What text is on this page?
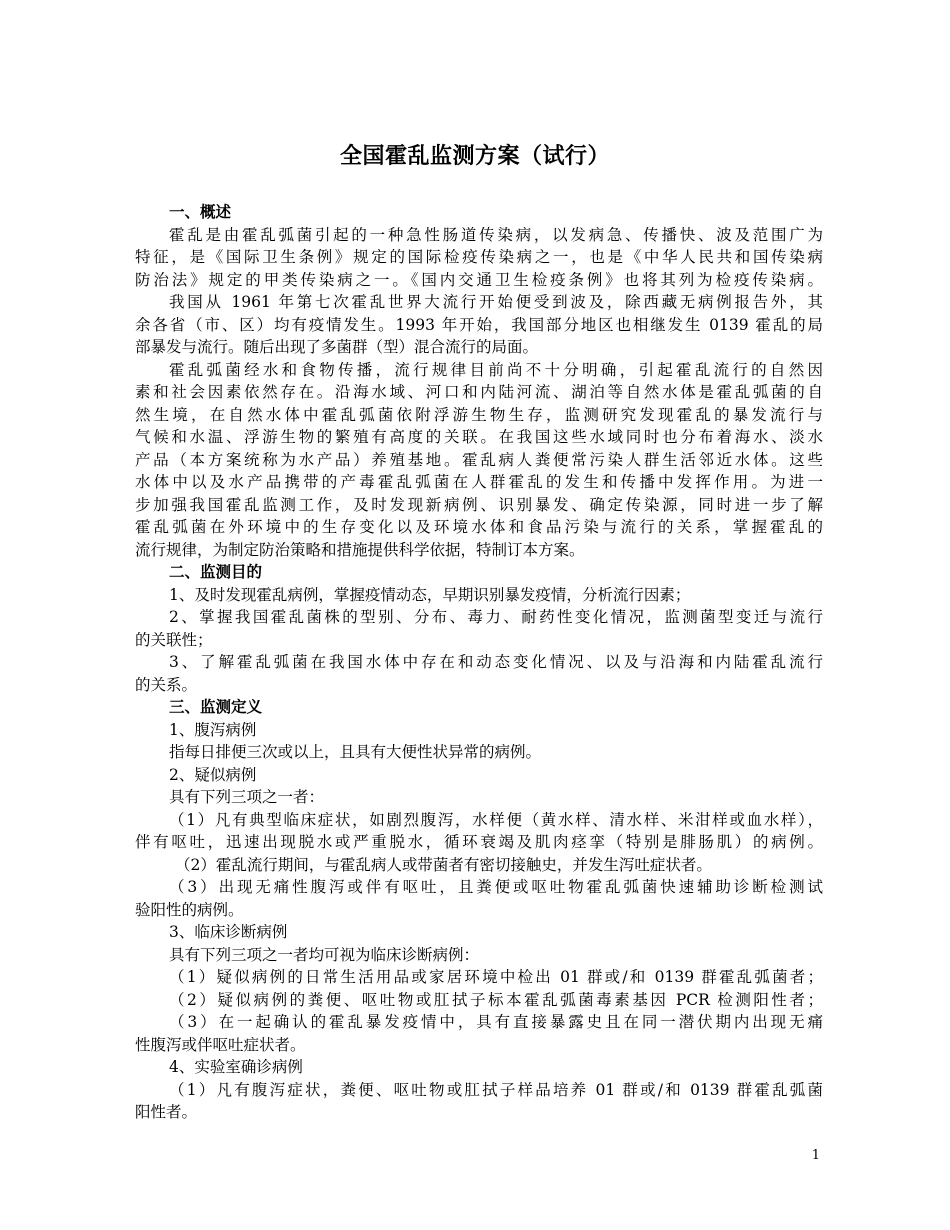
全国霍乱监测方案（试行）
一、概述
霍乱是由霍乱弧菌引起的一种急性肠道传染病，以发病急、传播快、波及范围广为
特征，是《国际卫生条例》规定的国际检疫传染病之一，也是《中华人民共和国传染病
防治法》规定的甲类传染病之一。《国内交通卫生检疫条例》也将其列为检疫传染病。
我国从 1961 年第七次霍乱世界大流行开始便受到波及，除西藏无病例报告外，其
余各省（市、区）均有疫情发生。1993 年开始，我国部分地区也相继发生 0139 霍乱的局
部暴发与流行。随后出现了多菌群（型）混合流行的局面。
霍乱弧菌经水和食物传播，流行规律目前尚不十分明确，引起霍乱流行的自然因
素和社会因素依然存在。沿海水域、河口和内陆河流、湖泊等自然水体是霍乱弧菌的自
然生境，在自然水体中霍乱弧菌依附浮游生物生存，监测研究发现霍乱的暴发流行与
气候和水温、浮游生物的繁殖有高度的关联。在我国这些水域同时也分布着海水、淡水
产品（本方案统称为水产品）养殖基地。霍乱病人粪便常污染人群生活邻近水体。这些
水体中以及水产品携带的产毒霍乱弧菌在人群霍乱的发生和传播中发挥作用。为进一
步加强我国霍乱监测工作，及时发现新病例、识别暴发、确定传染源，同时进一步了解
霍乱弧菌在外环境中的生存变化以及环境水体和食品污染与流行的关系，掌握霍乱的
流行规律，为制定防治策略和措施提供科学依据，特制订本方案。
二、监测目的
1、及时发现霍乱病例，掌握疫情动态，早期识别暴发疫情，分析流行因素；
2、掌握我国霍乱菌株的型别、分布、毒力、耐药性变化情况，监测菌型变迁与流行
的关联性；
3、了解霍乱弧菌在我国水体中存在和动态变化情况、以及与沿海和内陆霍乱流行
的关系。
三、监测定义
1、腹泻病例
指每日排便三次或以上，且具有大便性状异常的病例。
2、疑似病例
具有下列三项之一者：
（1）凡有典型临床症状，如剧烈腹泻，水样便（黄水样、清水样、米泔样或血水样），
伴有呕吐，迅速出现脱水或严重脱水，循环衰竭及肌肉痉挛（特别是腓肠肌）的病例。
（2）霍乱流行期间，与霍乱病人或带菌者有密切接触史，并发生泻吐症状者。
（3）出现无痛性腹泻或伴有呕吐，且粪便或呕吐物霍乱弧菌快速辅助诊断检测试
验阳性的病例。
3、临床诊断病例
具有下列三项之一者均可视为临床诊断病例：
（1）疑似病例的日常生活用品或家居环境中检出 01 群或/和 0139 群霍乱弧菌者；
（2）疑似病例的粪便、呕吐物或肛拭子标本霍乱弧菌毒素基因 PCR 检测阳性者；
（3）在一起确认的霍乱暴发疫情中，具有直接暴露史且在同一潜伏期内出现无痛
性腹泻或伴呕吐症状者。
4、实验室确诊病例
（1）凡有腹泻症状，粪便、呕吐物或肛拭子样品培养 01 群或/和 0139 群霍乱弧菌
阳性者。
1
